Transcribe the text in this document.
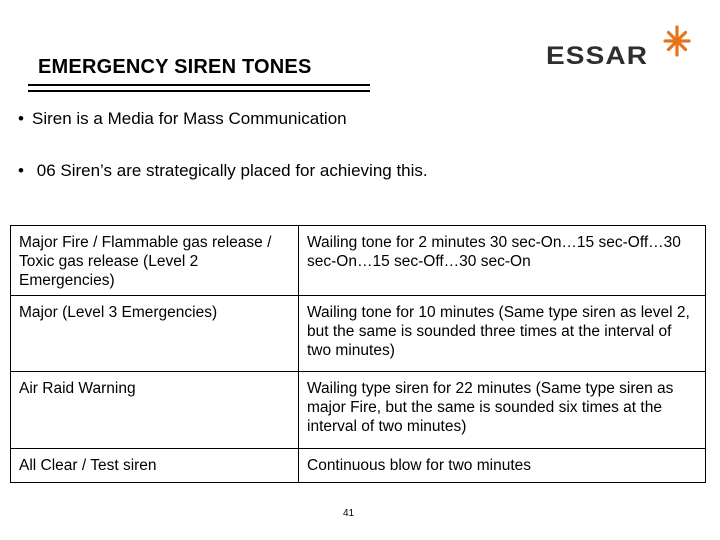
EMERGENCY SIREN TONES	ESSAR
• Siren is a Media for Mass Communication
• 06 Siren’s are strategically placed for achieving this.
Major Fire / Flammable gas release / Toxic gas release (Level 2 Emergencies)	Wailing tone for 2 minutes 30 sec-On…15 sec-Off…30 sec-On…15 sec-Off…30 sec-On
Major (Level 3 Emergencies)	Wailing tone for 10 minutes (Same type siren as level 2, but the same is sounded three times at the interval of two minutes)
Air Raid Warning	Wailing type siren for 22 minutes (Same type siren as major Fire, but the same is sounded six times at the interval of two minutes)
All Clear / Test siren	Continuous blow for two minutes
41
